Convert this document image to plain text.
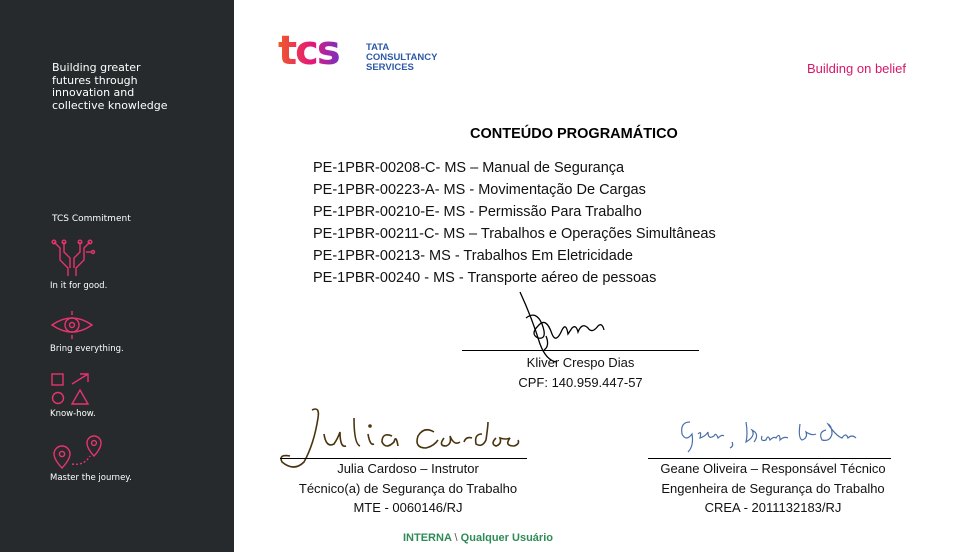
Building greater
futures through
innovation and
collective knowledge
TCS Commitment
In it for good.
Bring everything.
Know-how.
Master the journey.
tcs	TATA
CONSULTANCY
SERVICES	Building on belief
CONTEÚDO PROGRAMÁTICO
PE-1PBR-00208-C- MS – Manual de Segurança
PE-1PBR-00223-A- MS - Movimentação De Cargas
PE-1PBR-00210-E- MS - Permissão Para Trabalho
PE-1PBR-00211-C- MS – Trabalhos e Operações Simultâneas
PE-1PBR-00213- MS - Trabalhos Em Eletricidade
PE-1PBR-00240 - MS - Transporte aéreo de pessoas
Kliver Crespo Dias
CPF: 140.959.447-57
Julia Cardoso – Instrutor
Técnico(a) de Segurança do Trabalho
MTE - 0060146/RJ
Geane Oliveira – Responsável Técnico
Engenheira de Segurança do Trabalho
CREA - 2011132183/RJ
INTERNA \ Qualquer Usuário
